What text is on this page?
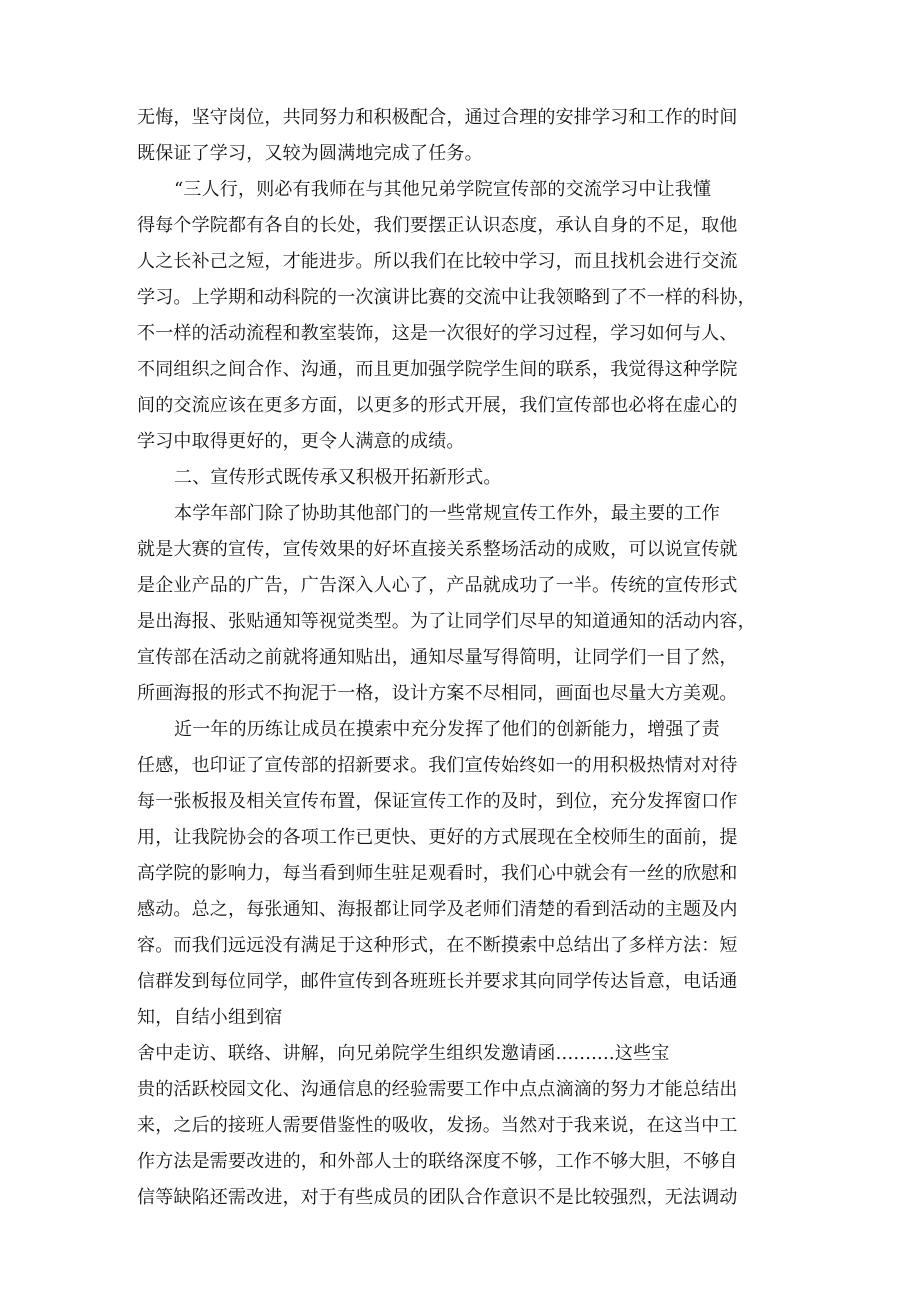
无悔，坚守岗位，共同努力和积极配合，通过合理的安排学习和工作的时间
既保证了学习，又较为圆满地完成了任务。
“三人行，则必有我师在与其他兄弟学院宣传部的交流学习中让我懂
得每个学院都有各自的长处，我们要摆正认识态度，承认自身的不足，取他
人之长补己之短，才能进步。所以我们在比较中学习，而且找机会进行交流
学习。上学期和动科院的一次演讲比赛的交流中让我领略到了不一样的科协，
不一样的活动流程和教室装饰，这是一次很好的学习过程，学习如何与人、
不同组织之间合作、沟通，而且更加强学院学生间的联系，我觉得这种学院
间的交流应该在更多方面，以更多的形式开展，我们宣传部也必将在虚心的
学习中取得更好的，更令人满意的成绩。
二、宣传形式既传承又积极开拓新形式。
本学年部门除了协助其他部门的一些常规宣传工作外，最主要的工作
就是大赛的宣传，宣传效果的好坏直接关系整场活动的成败，可以说宣传就
是企业产品的广告，广告深入人心了，产品就成功了一半。传统的宣传形式
是出海报、张贴通知等视觉类型。为了让同学们尽早的知道通知的活动内容，
宣传部在活动之前就将通知贴出，通知尽量写得简明，让同学们一目了然，
所画海报的形式不拘泥于一格，设计方案不尽相同，画面也尽量大方美观。
近一年的历练让成员在摸索中充分发挥了他们的创新能力，增强了责
任感，也印证了宣传部的招新要求。我们宣传始终如一的用积极热情对对待
每一张板报及相关宣传布置，保证宣传工作的及时，到位，充分发挥窗口作
用，让我院协会的各项工作已更快、更好的方式展现在全校师生的面前，提
高学院的影响力，每当看到师生驻足观看时，我们心中就会有一丝的欣慰和
感动。总之，每张通知、海报都让同学及老师们清楚的看到活动的主题及内
容。而我们远远没有满足于这种形式，在不断摸索中总结出了多样方法：短
信群发到每位同学，邮件宣传到各班班长并要求其向同学传达旨意，电话通
知，自结小组到宿
舍中走访、联络、讲解，向兄弟院学生组织发邀请函..........这些宝
贵的活跃校园文化、沟通信息的经验需要工作中点点滴滴的努力才能总结出
来，之后的接班人需要借鉴性的吸收，发扬。当然对于我来说，在这当中工
作方法是需要改进的，和外部人士的联络深度不够，工作不够大胆，不够自
信等缺陷还需改进，对于有些成员的团队合作意识不是比较强烈，无法调动
